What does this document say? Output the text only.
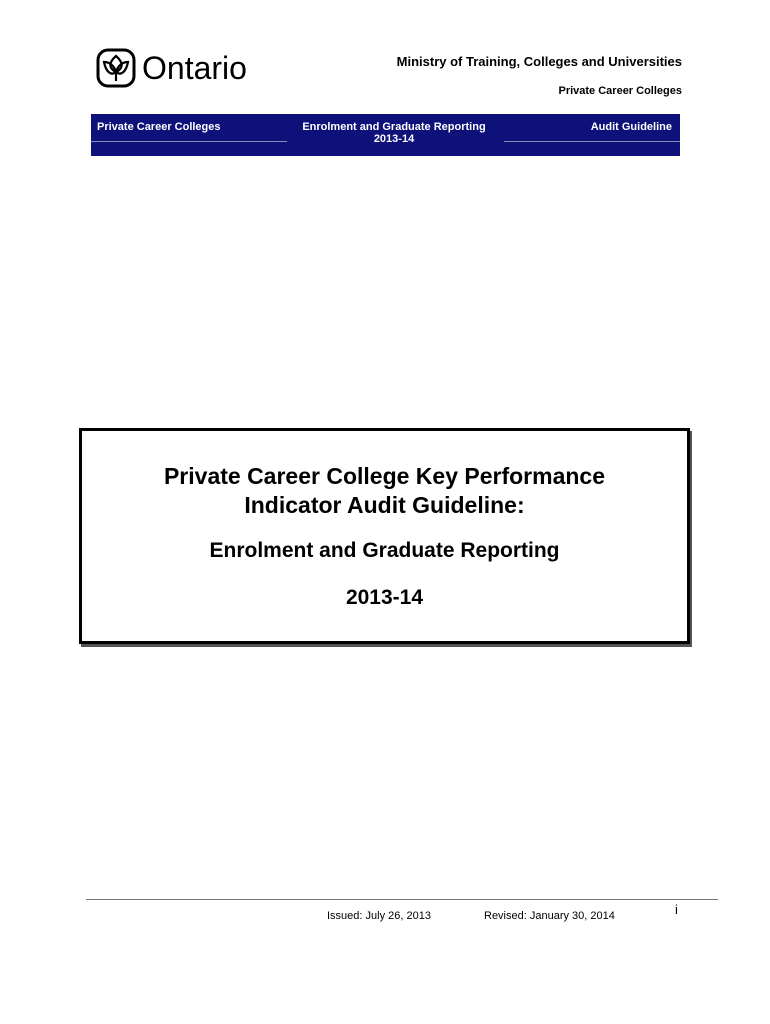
Ontario	Ministry of Training, Colleges and Universities
Private Career Colleges
Private Career Colleges	Enrolment and Graduate Reporting
2013-14
Audit Guideline
Private Career College Key Performance
Indicator Audit Guideline:
Enrolment and Graduate Reporting
2013-14
Issued: July 26, 2013	Revised: January 30, 2014	i
